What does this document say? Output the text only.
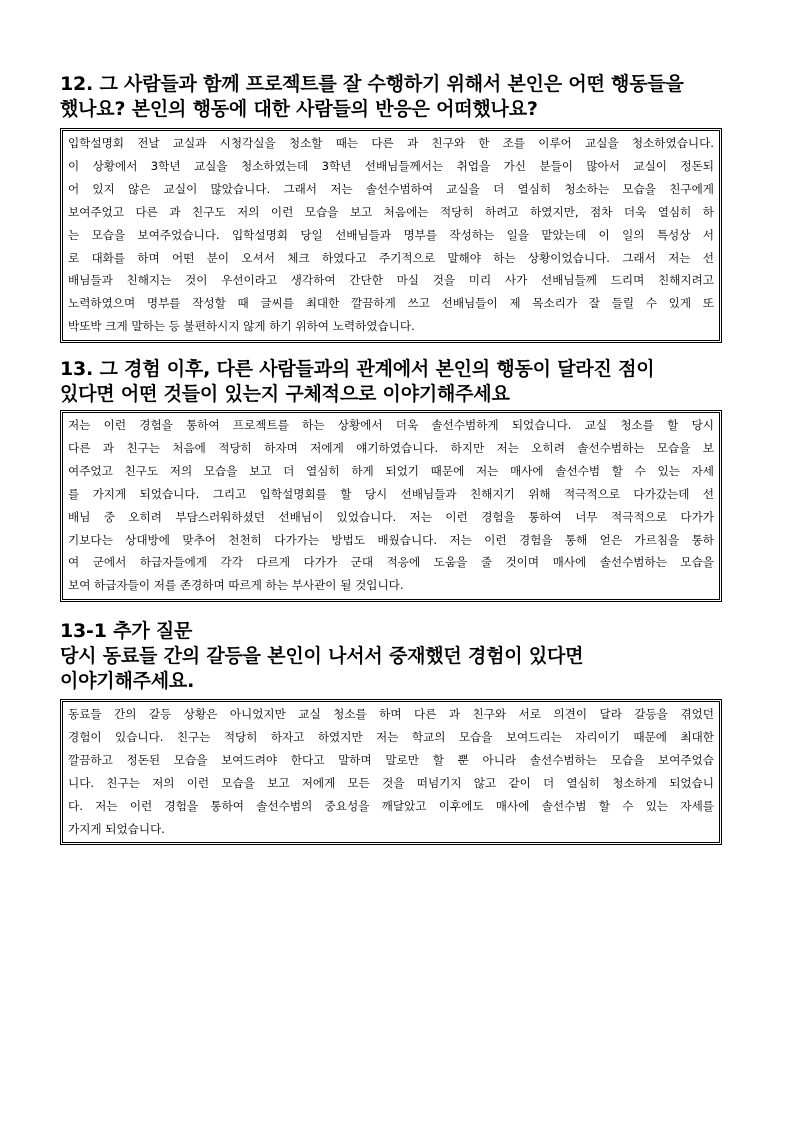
12. 그 사람들과 함께 프로젝트를 잘 수행하기 위해서 본인은 어떤 행동들을
했나요? 본인의 행동에 대한 사람들의 반응은 어떠했나요?
입학설명회 전날 교실과 시청각실을 청소할 때는 다른 과 친구와 한 조를 이루어 교실을 청소하였습니다.
이 상황에서 3학년 교실을 청소하였는데 3학년 선배님들께서는 취업을 가신 분들이 많아서 교실이 정돈되
어 있지 않은 교실이 많았습니다. 그래서 저는 솔선수범하여 교실을 더 열심히 청소하는 모습을 친구에게
보여주었고 다른 과 친구도 저의 이런 모습을 보고 처음에는 적당히 하려고 하였지만, 점차 더욱 열심히 하
는 모습을 보여주었습니다. 입학설명회 당일 선배님들과 명부를 작성하는 일을 맡았는데 이 일의 특성상 서
로 대화를 하며 어떤 분이 오셔서 체크 하였다고 주기적으로 말해야 하는 상황이었습니다. 그래서 저는 선
배님들과 친해지는 것이 우선이라고 생각하여 간단한 마실 것을 미리 사가 선배님들께 드리며 친해지려고
노력하였으며 명부를 작성할 때 글씨를 최대한 깔끔하게 쓰고 선배님들이 제 목소리가 잘 들릴 수 있게 또
박또박 크게 말하는 등 불편하시지 않게 하기 위하여 노력하였습니다.
13. 그 경험 이후, 다른 사람들과의 관계에서 본인의 행동이 달라진 점이
있다면 어떤 것들이 있는지 구체적으로 이야기해주세요
저는 이런 경험을 통하여 프로젝트를 하는 상황에서 더욱 솔선수범하게 되었습니다. 교실 청소를 할 당시
다른 과 친구는 처음에 적당히 하자며 저에게 얘기하였습니다. 하지만 저는 오히려 솔선수범하는 모습을 보
여주었고 친구도 저의 모습을 보고 더 열심히 하게 되었기 때문에 저는 매사에 솔선수범 할 수 있는 자세
를 가지게 되었습니다. 그리고 입학설명회를 할 당시 선배님들과 친해지기 위해 적극적으로 다가갔는데 선
배님 중 오히려 부담스러워하셨던 선배님이 있었습니다. 저는 이런 경험을 통하여 너무 적극적으로 다가가
기보다는 상대방에 맞추어 천천히 다가가는 방법도 배웠습니다. 저는 이런 경험을 통해 얻은 가르침을 통하
여 군에서 하급자들에게 각각 다르게 다가가 군대 적응에 도움을 줄 것이며 매사에 솔선수범하는 모습을
보여 하급자들이 저를 존경하며 따르게 하는 부사관이 될 것입니다.
13-1 추가 질문
당시 동료들 간의 갈등을 본인이 나서서 중재했던 경험이 있다면
이야기해주세요.
동료들 간의 갈등 상황은 아니었지만 교실 청소를 하며 다른 과 친구와 서로 의견이 달라 갈등을 겪었던
경험이 있습니다. 친구는 적당히 하자고 하였지만 저는 학교의 모습을 보여드리는 자리이기 때문에 최대한
깔끔하고 정돈된 모습을 보여드려야 한다고 말하며 말로만 할 뿐 아니라 솔선수범하는 모습을 보여주었습
니다. 친구는 저의 이런 모습을 보고 저에게 모든 것을 떠넘기지 않고 같이 더 열심히 청소하게 되었습니
다. 저는 이런 경험을 통하여 솔선수범의 중요성을 깨달았고 이후에도 매사에 솔선수범 할 수 있는 자세를
가지게 되었습니다.
